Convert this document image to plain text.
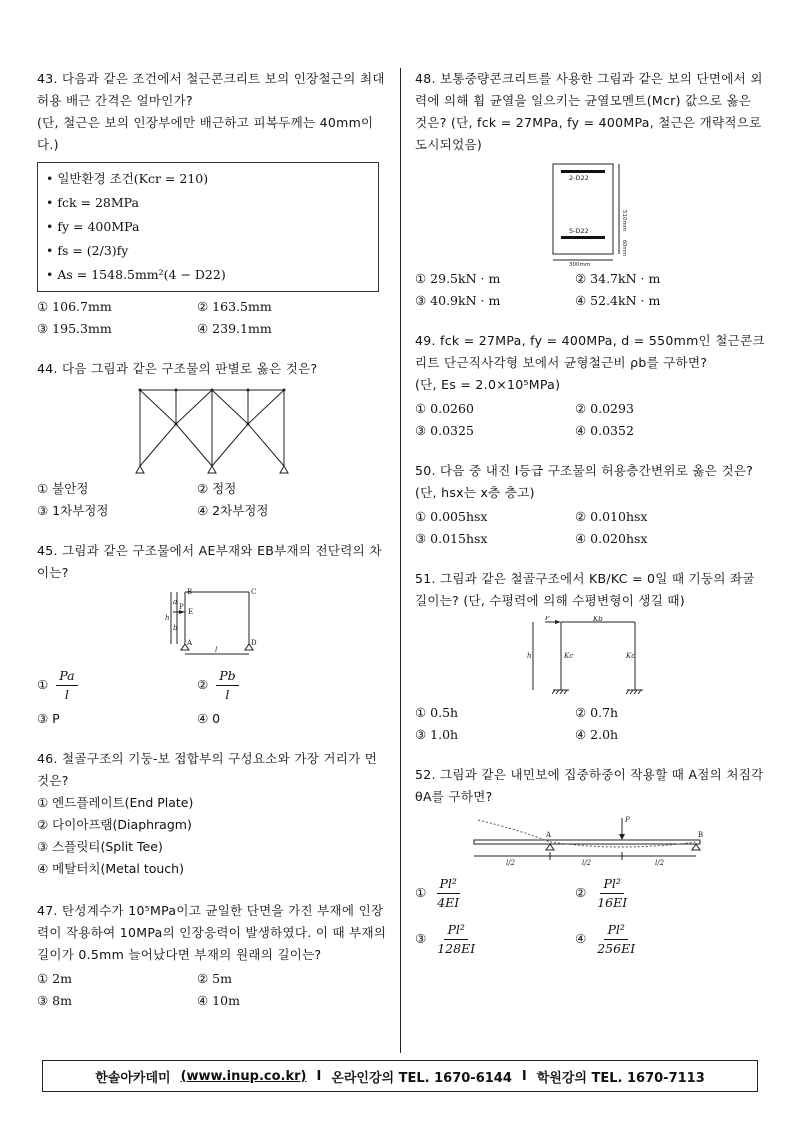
43. 다음과 같은 조건에서 철근콘크리트 보의 인장철근의 최대 허용 배근 간격은 얼마인가?
(단, 철근은 보의 인장부에만 배근하고 피복두께는 40mm이다.)
• 일반환경 조건(Kcr = 210)
• fck = 28MPa
• fy = 400MPa
• fs = (2/3)fy
• As = 1548.5mm²(4 − D22)
① 106.7mm	② 163.5mm
③ 195.3mm	④ 239.1mm
44. 다음 그림과 같은 구조물의 판별로 옳은 것은?
① 불안정	② 정정
③ 1차부정정	④ 2차부정정
45. 그림과 같은 구조물에서 AE부재와 EB부재의 전단력의 차이는?
B	C
P
E
A	D
a
b
h
l
① $\frac{Pa}{l}$	② $\frac{Pb}{l}$
③ P	④ 0
46. 철골구조의 기둥-보 접합부의 구성요소와 가장 거리가 먼 것은?
① 엔드플레이트(End Plate)
② 다이아프램(Diaphragm)
③ 스플릿티(Split Tee)
④ 메탈터치(Metal touch)
47. 탄성계수가 10⁵MPa이고 균일한 단면을 가진 부재에 인장력이 작용하여 10MPa의 인장응력이 발생하였다. 이 때 부재의 길이가 0.5mm 늘어났다면 부재의 원래의 길이는?
① 2m	② 5m
③ 8m	④ 10m
48. 보통중량콘크리트를 사용한 그림과 같은 보의 단면에서 외력에 의해 휨 균열을 일으키는 균열모멘트(Mcr) 값으로 옳은 것은? (단, fck = 27MPa, fy = 400MPa, 철근은 개략적으로 도시되었음)
2-D22
5-D22	510mm
60mm
300mm
① 29.5kN · m	② 34.7kN · m
③ 40.9kN · m	④ 52.4kN · m
49. fck = 27MPa, fy = 400MPa, d = 550mm인 철근콘크리트 단근직사각형 보에서 균형철근비 ρb를 구하면?
(단, Es = 2.0×10⁵MPa)
① 0.0260	② 0.0293
③ 0.0325	④ 0.0352
50. 다음 중 내진 I등급 구조물의 허용층간변위로 옳은 것은? (단, hsx는 x층 층고)
① 0.005hsx	② 0.010hsx
③ 0.015hsx	④ 0.020hsx
51. 그림과 같은 철골구조에서 KB/KC = 0일 때 기둥의 좌굴길이는? (단, 수평력에 의해 수평변형이 생길 때)
P	Kb
Kc	Kc
h
① 0.5h	② 0.7h
③ 1.0h	④ 2.0h
52. 그림과 같은 내민보에 집중하중이 작용할 때 A점의 처짐각 θA를 구하면?
P
A	B
l/2	l/2	l/2
① $\frac{\text{Pl²}}{4EI}$	② $\frac{\text{Pl²}}{16EI}$
③ $\frac{\text{Pl²}}{128EI}$	④ $\frac{\text{Pl²}}{256EI}$
한솔아카데미 (www.inup.co.kr) I 온라인강의 TEL. 1670-6144 I 학원강의 TEL. 1670-7113
